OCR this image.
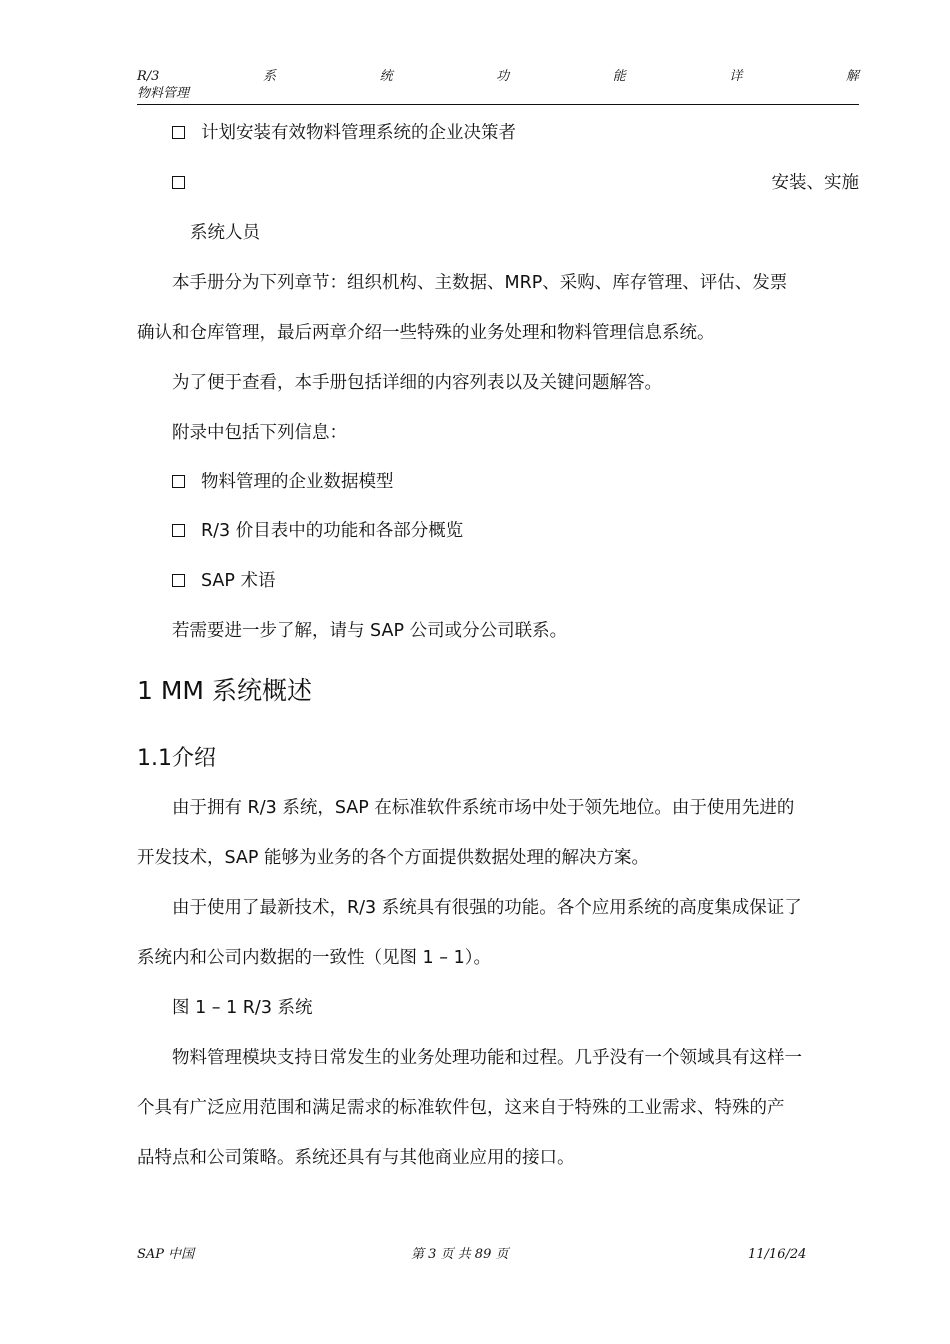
R/3	系	统	功	能	详	解
物料管理
计划安装有效物料管理系统的企业决策者
安装、实施
系统人员
本手册分为下列章节：组织机构、主数据、MRP、采购、库存管理、评估、发票
确认和仓库管理，最后两章介绍一些特殊的业务处理和物料管理信息系统。
为了便于查看，本手册包括详细的内容列表以及关键问题解答。
附录中包括下列信息：
物料管理的企业数据模型
R/3 价目表中的功能和各部分概览
SAP 术语
若需要进一步了解，请与 SAP 公司或分公司联系。
1 MM 系统概述
1.1介绍
由于拥有 R/3 系统，SAP 在标准软件系统市场中处于领先地位。由于使用先进的
开发技术，SAP 能够为业务的各个方面提供数据处理的解决方案。
由于使用了最新技术，R/3 系统具有很强的功能。各个应用系统的高度集成保证了
系统内和公司内数据的一致性（见图 1 – 1）。
图 1 – 1 R/3 系统
物料管理模块支持日常发生的业务处理功能和过程。几乎没有一个领域具有这样一
个具有广泛应用范围和满足需求的标准软件包，这来自于特殊的工业需求、特殊的产
品特点和公司策略。系统还具有与其他商业应用的接口。
SAP 中国	第 3 页 共 89 页	11/16/24
